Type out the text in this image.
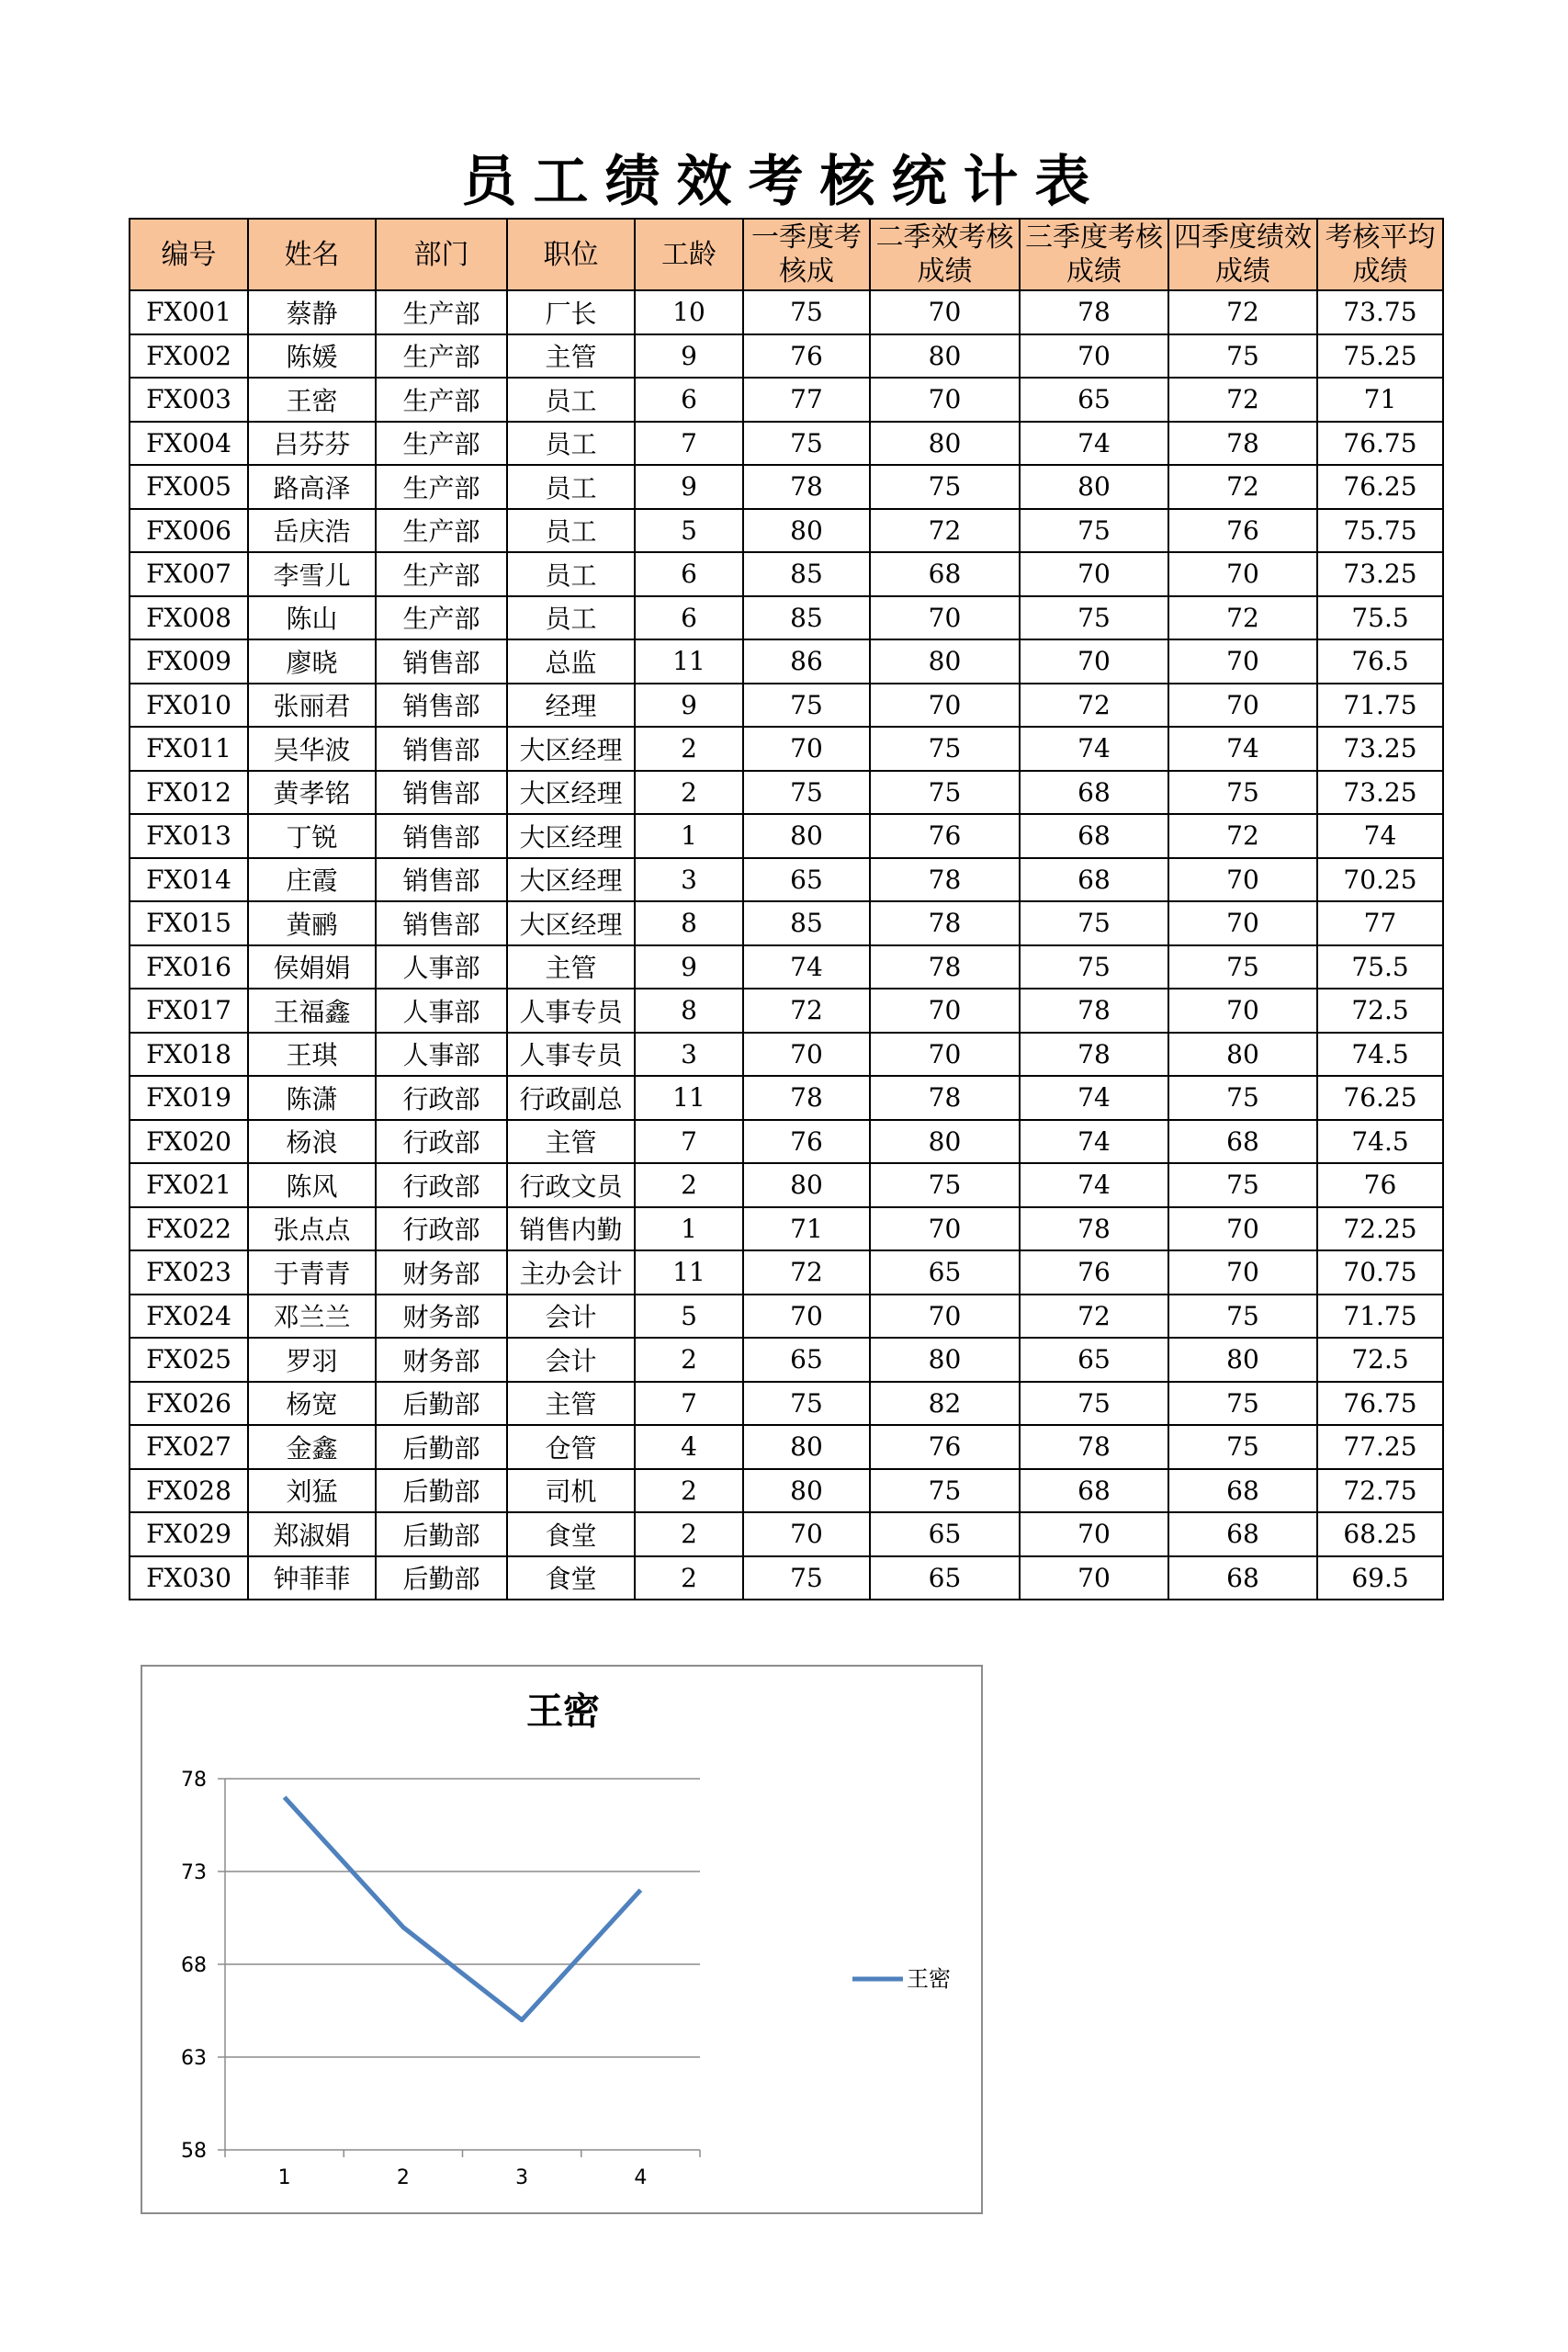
员工绩效考核统计表
编号	姓名	部门	职位	工龄	一季度考核成	二季效考核成绩	三季度考核成绩	四季度绩效成绩	考核平均成绩
FX001	蔡静	生产部	厂长	10	75	70	78	72	73.75
FX002	陈媛	生产部	主管	9	76	80	70	75	75.25
FX003	王密	生产部	员工	6	77	70	65	72	71
FX004	吕芬芬	生产部	员工	7	75	80	74	78	76.75
FX005	路高泽	生产部	员工	9	78	75	80	72	76.25
FX006	岳庆浩	生产部	员工	5	80	72	75	76	75.75
FX007	李雪儿	生产部	员工	6	85	68	70	70	73.25
FX008	陈山	生产部	员工	6	85	70	75	72	75.5
FX009	廖晓	销售部	总监	11	86	80	70	70	76.5
FX010	张丽君	销售部	经理	9	75	70	72	70	71.75
FX011	吴华波	销售部	大区经理	2	70	75	74	74	73.25
FX012	黄孝铭	销售部	大区经理	2	75	75	68	75	73.25
FX013	丁锐	销售部	大区经理	1	80	76	68	72	74
FX014	庄霞	销售部	大区经理	3	65	78	68	70	70.25
FX015	黄鹂	销售部	大区经理	8	85	78	75	70	77
FX016	侯娟娟	人事部	主管	9	74	78	75	75	75.5
FX017	王福鑫	人事部	人事专员	8	72	70	78	70	72.5
FX018	王琪	人事部	人事专员	3	70	70	78	80	74.5
FX019	陈潇	行政部	行政副总	11	78	78	74	75	76.25
FX020	杨浪	行政部	主管	7	76	80	74	68	74.5
FX021	陈风	行政部	行政文员	2	80	75	74	75	76
FX022	张点点	行政部	销售内勤	1	71	70	78	70	72.25
FX023	于青青	财务部	主办会计	11	72	65	76	70	70.75
FX024	邓兰兰	财务部	会计	5	70	70	72	75	71.75
FX025	罗羽	财务部	会计	2	65	80	65	80	72.5
FX026	杨宽	后勤部	主管	7	75	82	75	75	76.75
FX027	金鑫	后勤部	仓管	4	80	76	78	75	77.25
FX028	刘猛	后勤部	司机	2	80	75	68	68	72.75
FX029	郑淑娟	后勤部	食堂	2	70	65	70	68	68.25
FX030	钟菲菲	后勤部	食堂	2	75	65	70	68	69.5
王密
58
63
68
73
78
1	2	3	4
王密
